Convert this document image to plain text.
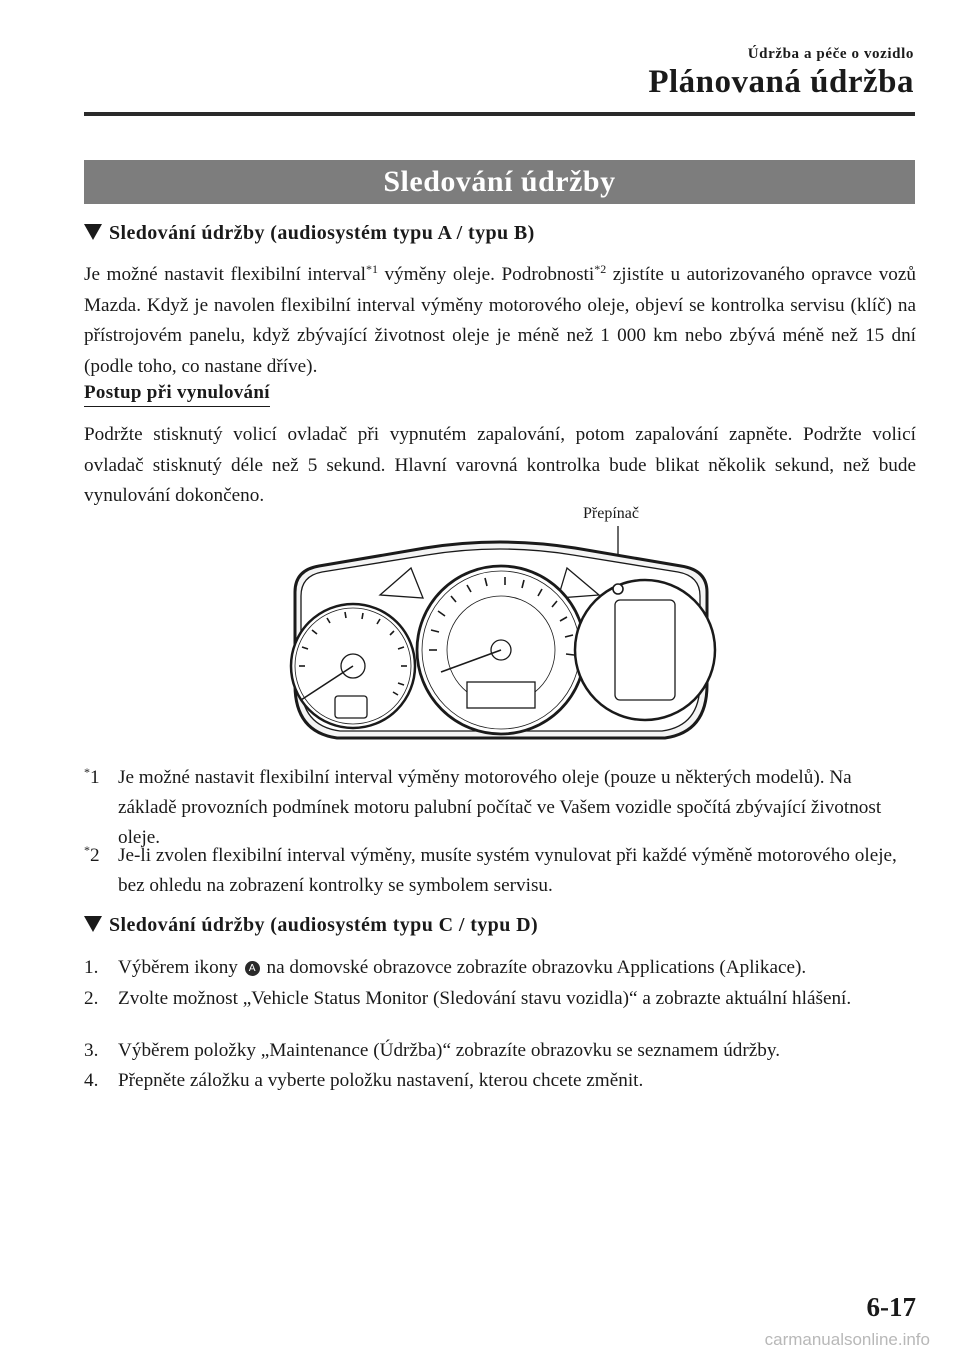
Údržba a péče o vozidlo
Plánovaná údržba
Sledování údržby
Sledování údržby (audiosystém typu A / typu B)
Je možné nastavit flexibilní interval$^{*1}$ výměny oleje. Podrobnosti$^{*2}$ zjistíte u autorizovaného opravce vozů Mazda. Když je navolen flexibilní interval výměny motorového oleje, objeví se kontrolka servisu (klíč) na přístrojovém panelu, když zbývající životnost oleje je méně než 1 000 km nebo zbývá méně než 15 dní (podle toho, co nastane dříve).
Postup při vynulování
Podržte stisknutý volicí ovladač při vypnutém zapalování, potom zapalování zapněte. Podržte volicí ovladač stisknutý déle než 5 sekund. Hlavní varovná kontrolka bude blikat několik sekund, než bude vynulování dokončeno.
Přepínač
*1 Je možné nastavit flexibilní interval výměny motorového oleje (pouze u některých modelů). Na základě provozních podmínek motoru palubní počítač ve Vašem vozidle spočítá zbývající životnost oleje.
*2 Je-li zvolen flexibilní interval výměny, musíte systém vynulovat při každé výměně motorového oleje, bez ohledu na zobrazení kontrolky se symbolem servisu.
Sledování údržby (audiosystém typu C / typu D)
1. Výběrem ikony A na domovské obrazovce zobrazíte obrazovku Applications (Aplikace).
2. Zvolte možnost „Vehicle Status Monitor (Sledování stavu vozidla)“ a zobrazte aktuální hlášení.
3. Výběrem položky „Maintenance (Údržba)“ zobrazíte obrazovku se seznamem údržby.
4. Přepněte záložku a vyberte položku nastavení, kterou chcete změnit.
6-17
carmanualsonline.info
